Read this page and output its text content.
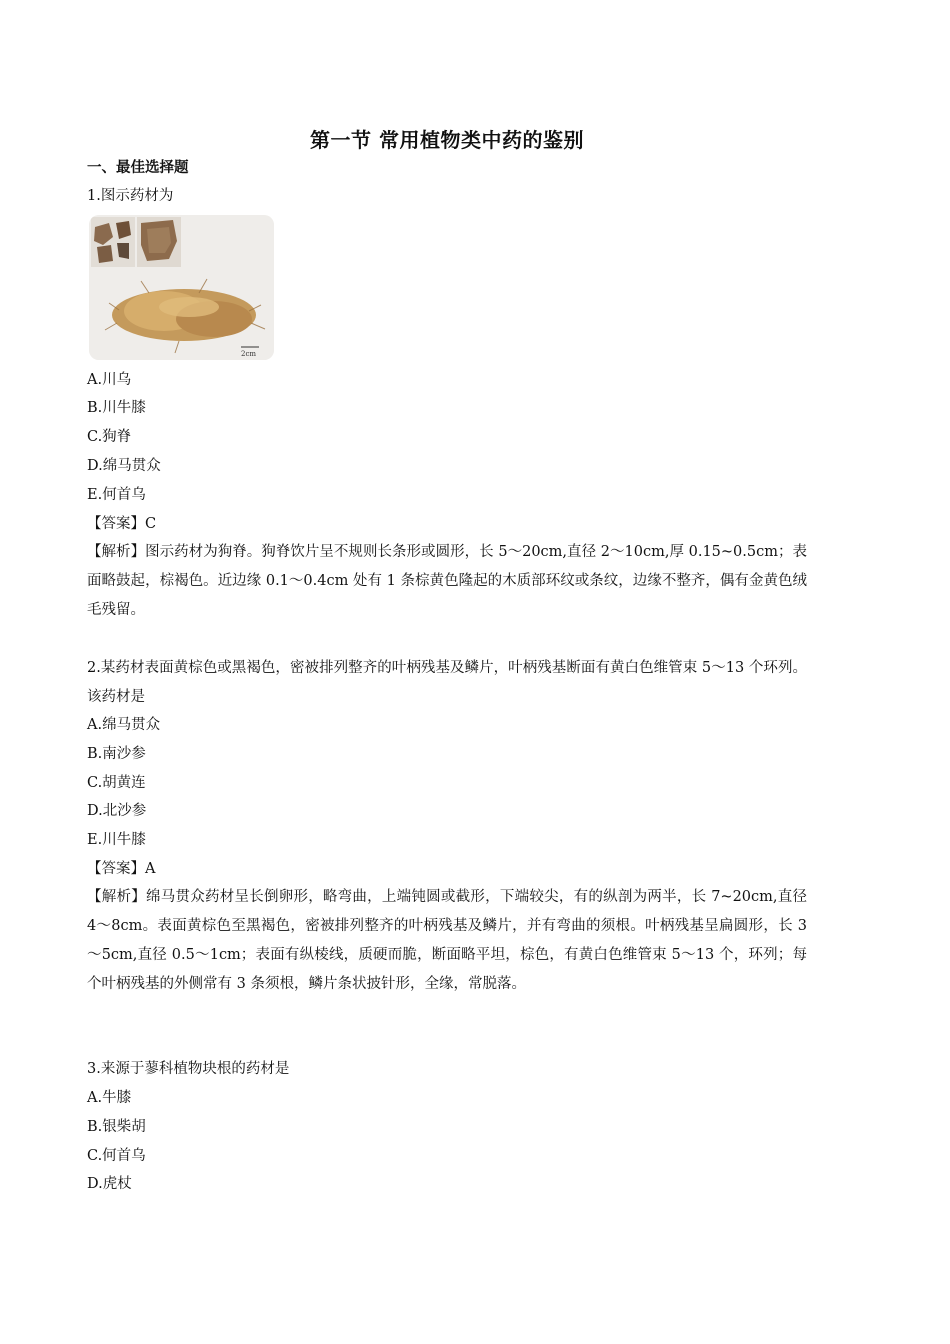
第一节 常用植物类中药的鉴别
一、最佳选择题
1.图示药材为
2cm
A.川乌
B.川牛膝
C.狗脊
D.绵马贯众
E.何首乌
【答案】C
【解析】图示药材为狗脊。狗脊饮片呈不规则长条形或圆形，长 5～20cm,直径 2～10cm,厚 0.15~0.5cm；表面略鼓起，棕褐色。近边缘 0.1～0.4cm 处有 1 条棕黄色隆起的木质部环纹或条纹，边缘不整齐，偶有金黄色绒毛残留。
2.某药材表面黄棕色或黑褐色，密被排列整齐的叶柄残基及鳞片，叶柄残基断面有黄白色维管束 5～13 个环列。该药材是
A.绵马贯众
B.南沙参
C.胡黄连
D.北沙参
E.川牛膝
【答案】A
【解析】绵马贯众药材呈长倒卵形，略弯曲，上端钝圆或截形，下端较尖，有的纵剖为两半，长 7~20cm,直径 4～8cm。表面黄棕色至黑褐色，密被排列整齐的叶柄残基及鳞片，并有弯曲的须根。叶柄残基呈扁圆形，长 3～5cm,直径 0.5～1cm；表面有纵棱线，质硬而脆，断面略平坦，棕色，有黄白色维管束 5～13 个，环列；每个叶柄残基的外侧常有 3 条须根，鳞片条状披针形，全缘，常脱落。
3.来源于蓼科植物块根的药材是
A.牛膝
B.银柴胡
C.何首乌
D.虎杖
